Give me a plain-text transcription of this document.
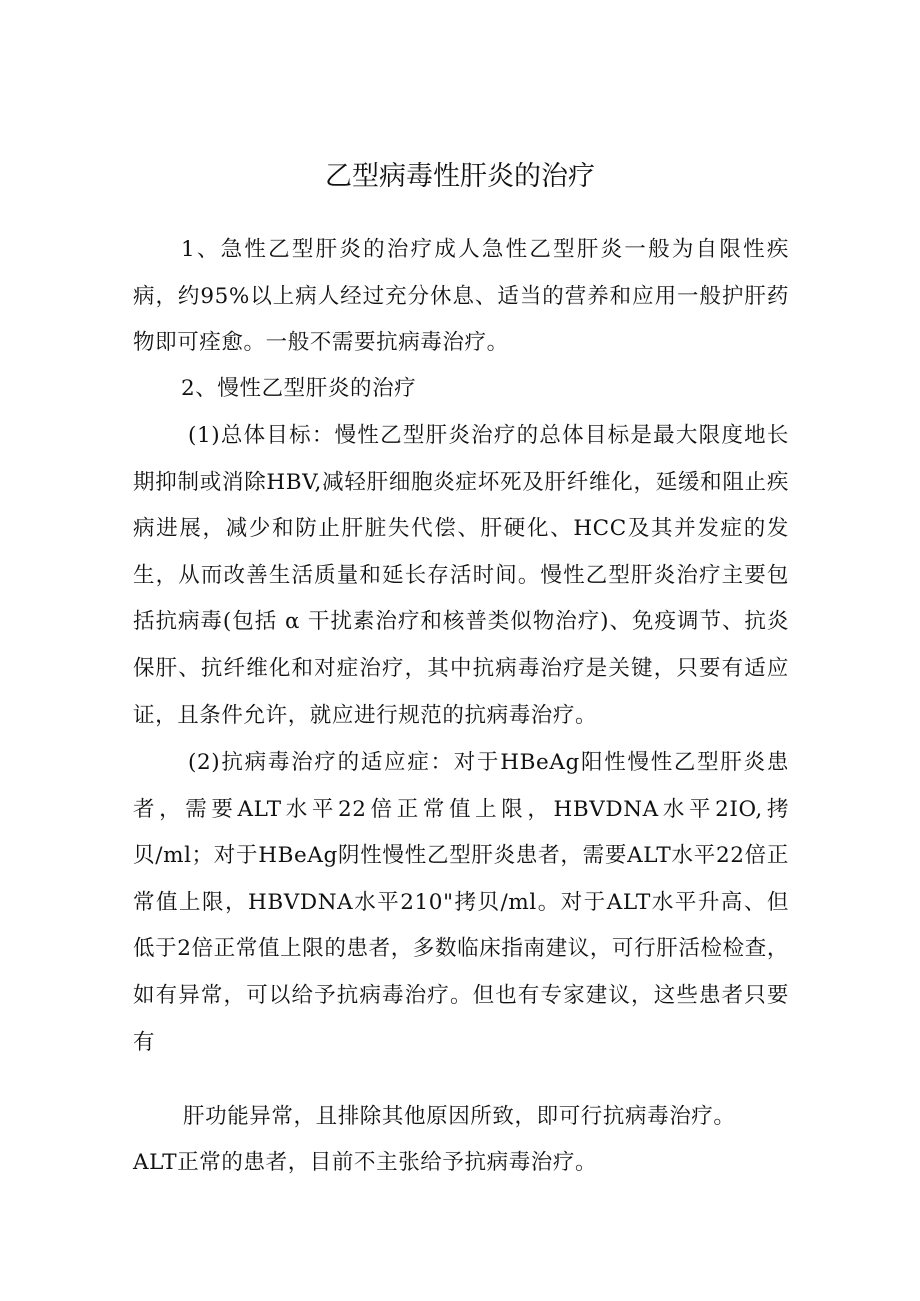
乙型病毒性肝炎的治疗

1、急性乙型肝炎的治疗成人急性乙型肝炎一般为自限性疾病，约95%以上病人经过充分休息、适当的营养和应用一般护肝药物即可痊愈。一般不需要抗病毒治疗。

2、慢性乙型肝炎的治疗

(1)总体目标：慢性乙型肝炎治疗的总体目标是最大限度地长期抑制或消除HBV,减轻肝细胞炎症坏死及肝纤维化，延缓和阻止疾病进展，减少和防止肝脏失代偿、肝硬化、HCC及其并发症的发生，从而改善生活质量和延长存活时间。慢性乙型肝炎治疗主要包括抗病毒(包括 α 干扰素治疗和核普类似物治疗)、免疫调节、抗炎保肝、抗纤维化和对症治疗，其中抗病毒治疗是关键，只要有适应证，且条件允许，就应进行规范的抗病毒治疗。

(2)抗病毒治疗的适应症：对于HBeAg阳性慢性乙型肝炎患者，需要ALT水平22倍正常值上限，HBVDNA水平2IO,拷贝/ml；对于HBeAg阴性慢性乙型肝炎患者，需要ALT水平22倍正常值上限，HBVDNA水平210"拷贝/ml。对于ALT水平升高、但低于2倍正常值上限的患者，多数临床指南建议，可行肝活检检查，如有异常，可以给予抗病毒治疗。但也有专家建议，这些患者只要有

肝功能异常，且排除其他原因所致，即可行抗病毒治疗。

ALT正常的患者，目前不主张给予抗病毒治疗。
